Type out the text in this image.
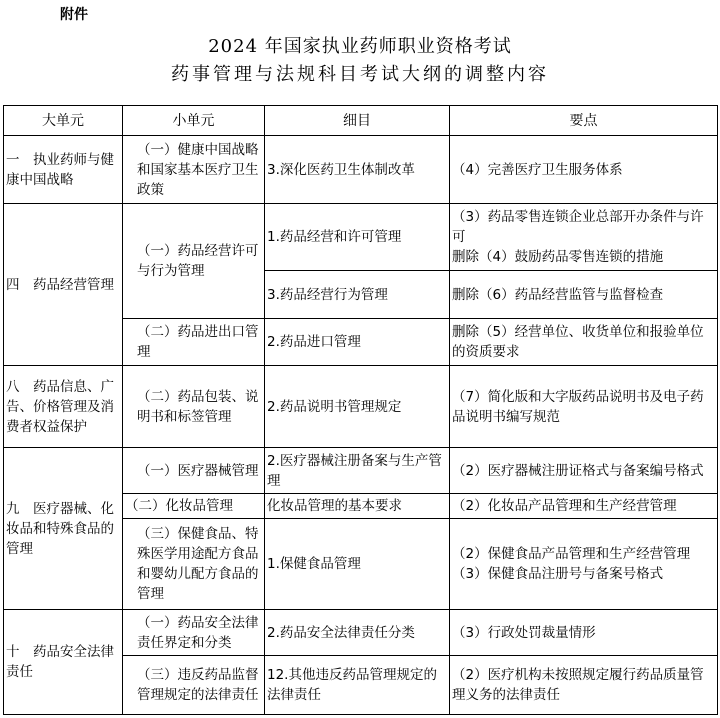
附件
2024 年国家执业药师职业资格考试
药事管理与法规科目考试大纲的调整内容
大单元	小单元	细目	要点
一　执业药师与健康中国战略	（一）健康中国战略和国家基本医疗卫生政策	3.深化医药卫生体制改革	（4）完善医疗卫生服务体系

四　药品经营管理	（一）药品经营许可与行为管理	1.药品经营和许可管理	（3）药品零售连锁企业总部开办条件与许可
删除（4）鼓励药品零售连锁的措施

		3.药品经营行为管理	删除（6）药品经营监管与监督检查

	（二）药品进出口管理	2.药品进口管理	删除（5）经营单位、收货单位和报验单位的资质要求

八　药品信息、广告、价格管理及消费者权益保护	（二）药品包装、说明书和标签管理	2.药品说明书管理规定	（7）简化版和大字版药品说明书及电子药品说明书编写规范

九　医疗器械、化妆品和特殊食品的管理	（一）医疗器械管理	2.医疗器械注册备案与生产管理	（2）医疗器械注册证格式与备案编号格式

	（二）化妆品管理	化妆品管理的基本要求	（2）化妆品产品管理和生产经营管理

	（三）保健食品、特殊医学用途配方食品和婴幼儿配方食品的管理	1.保健食品管理	（2）保健食品产品管理和生产经营管理
（3）保健食品注册号与备案号格式

十　药品安全法律责任	（一）药品安全法律责任界定和分类	2.药品安全法律责任分类	（3）行政处罚裁量情形

	（三）违反药品监督管理规定的法律责任	12.其他违反药品管理规定的法律责任	（2）医疗机构未按照规定履行药品质量管理义务的法律责任
